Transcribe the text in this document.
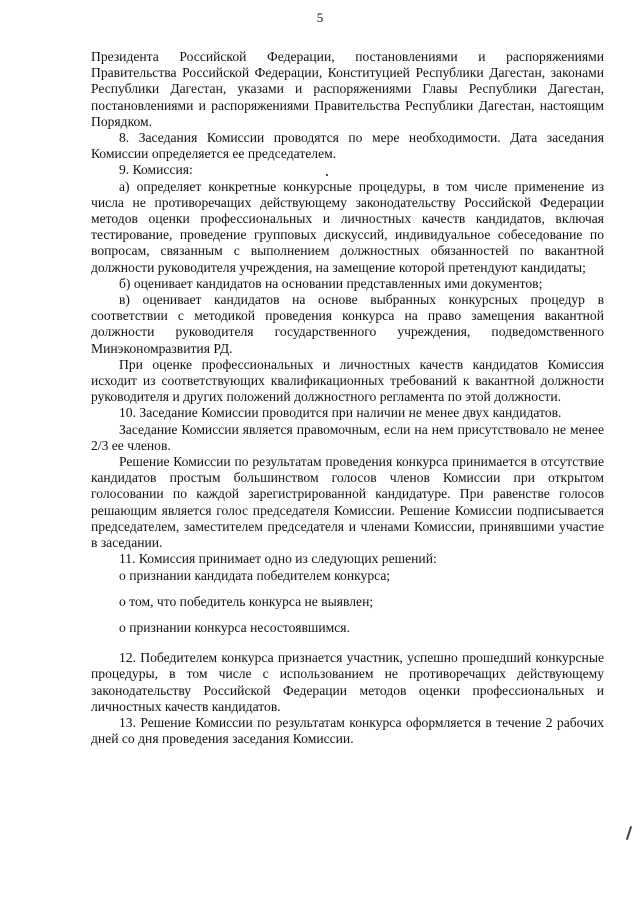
5

Президента Российской Федерации, постановлениями и распоряжениями Правительства Российской Федерации, Конституцией Республики Дагестан, законами Республики Дагестан, указами и распоряжениями Главы Республики Дагестан, постановлениями и распоряжениями Правительства Республики Дагестан, настоящим Порядком.

8. Заседания Комиссии проводятся по мере необходимости. Дата заседания Комиссии определяется ее председателем.

9. Комиссия:

а) определяет конкретные конкурсные процедуры, в том числе применение из числа не противоречащих действующему законодательству Российской Федерации методов оценки профессиональных и личностных качеств кандидатов, включая тестирование, проведение групповых дискуссий, индивидуальное собеседование по вопросам, связанным с выполнением должностных обязанностей по вакантной должности руководителя учреждения, на замещение которой претендуют кандидаты;

б) оценивает кандидатов на основании представленных ими документов;

в) оценивает кандидатов на основе выбранных конкурсных процедур в соответствии с методикой проведения конкурса на право замещения вакантной должности руководителя государственного учреждения, подведомственного Минэкономразвития РД.

При оценке профессиональных и личностных качеств кандидатов Комиссия исходит из соответствующих квалификационных требований к вакантной должности руководителя и других положений должностного регламента по этой должности.

10. Заседание Комиссии проводится при наличии не менее двух кандидатов.

Заседание Комиссии является правомочным, если на нем присутствовало не менее 2/3 ее членов.

Решение Комиссии по результатам проведения конкурса принимается в отсутствие кандидатов простым большинством голосов членов Комиссии при открытом голосовании по каждой зарегистрированной кандидатуре. При равенстве голосов решающим является голос председателя Комиссии. Решение Комиссии подписывается председателем, заместителем председателя и членами Комиссии, принявшими участие в заседании.

11. Комиссия принимает одно из следующих решений:

о признании кандидата победителем конкурса;

о том, что победитель конкурса не выявлен;

о признании конкурса несостоявшимся.

12. Победителем конкурса признается участник, успешно прошедший конкурсные процедуры, в том числе с использованием не противоречащих действующему законодательству Российской Федерации методов оценки профессиональных и личностных качеств кандидатов.

13. Решение Комиссии по результатам конкурса оформляется в течение 2 рабочих дней со дня проведения заседания Комиссии.
